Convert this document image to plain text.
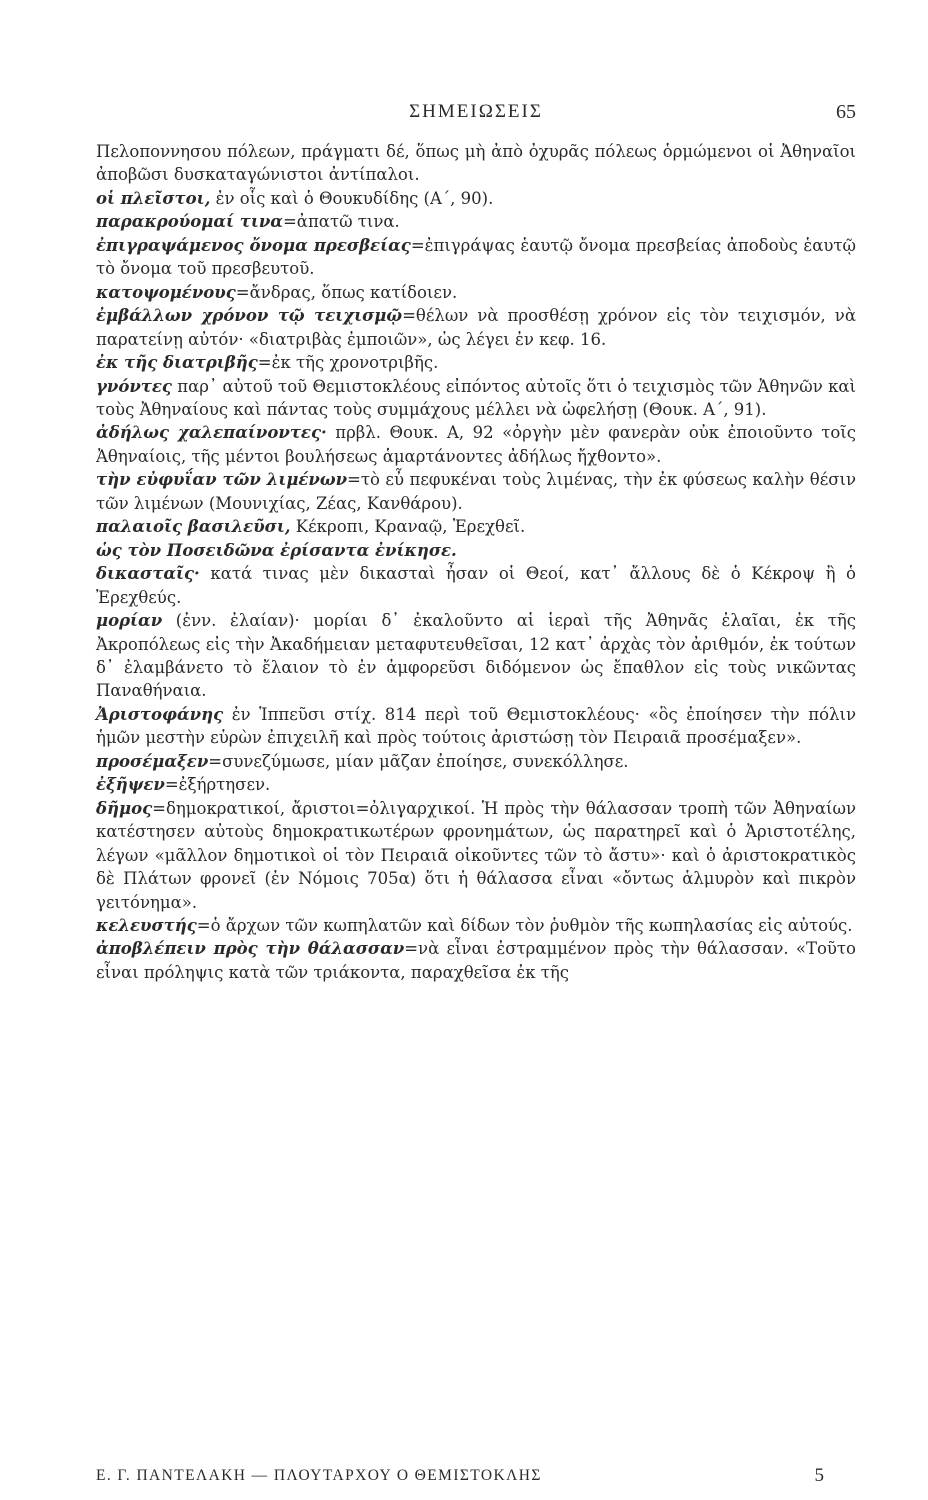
ΣΗΜΕΙΩΣΕΙΣ	65

Πελοποννησου πόλεων, πράγματι δέ, ὅπως μὴ ἀπὸ ὀχυρᾶς πόλεως ὁρμώμενοι οἱ Ἀθηναῖοι ἀποβῶσι δυσκαταγώνιστοι ἀντίπαλοι.

οἱ πλεῖστοι, ἐν οἷς καὶ ὁ Θουκυδίδης (Α´, 90).

παρακρούομαί τινα=ἀπατῶ τινα.

ἐπιγραψάμενος ὄνομα πρεσβείας=ἐπιγράψας ἑαυτῷ ὄνομα πρεσβείας ἀποδοὺς ἑαυτῷ τὸ ὄνομα τοῦ πρεσβευτοῦ.

κατοψομένους=ἄνδρας, ὅπως κατίδοιεν.

ἐμβάλλων χρόνον τῷ τειχισμῷ=θέλων νὰ προσθέσῃ χρόνον εἰς τὸν τειχισμόν, νὰ παρατείνῃ αὐτόν· «διατριβὰς ἐμποιῶν», ὡς λέγει ἐν κεφ. 16.

ἐκ τῆς διατριβῆς=ἐκ τῆς χρονοτριβῆς.

γνόντες παρ᾽ αὐτοῦ τοῦ Θεμιστοκλέους εἰπόντος αὐτοῖς ὅτι ὁ τειχισμὸς τῶν Ἀθηνῶν καὶ τοὺς Ἀθηναίους καὶ πάντας τοὺς συμμάχους μέλλει νὰ ὠφελήσῃ (Θουκ. Α´, 91).

ἀδήλως χαλεπαίνοντες· πρβλ. Θουκ. Α, 92 «ὀργὴν μὲν φανερὰν οὐκ ἐποιοῦντο τοῖς Ἀθηναίοις, τῆς μέντοι βουλήσεως ἁμαρτάνοντες ἀδήλως ἤχθοντο».

τὴν εὐφυΐαν τῶν λιμένων=τὸ εὖ πεφυκέναι τοὺς λιμένας, τὴν ἐκ φύσεως καλὴν θέσιν τῶν λιμένων (Μουνιχίας, Ζέας, Κανθάρου).

παλαιοῖς βασιλεῦσι, Κέκροπι, Κραναῷ, Ἐρεχθεῖ.

ὡς τὸν Ποσειδῶνα ἐρίσαντα ἐνίκησε.

δικασταῖς· κατά τινας μὲν δικασταὶ ἦσαν οἱ Θεοί, κατ᾽ ἄλλους δὲ ὁ Κέκροψ ἢ ὁ Ἐρεχθεύς.

μορίαν (ἐνν. ἐλαίαν)· μορίαι δ᾽ ἐκαλοῦντο αἱ ἱεραὶ τῆς Ἀθηνᾶς ἐλαῖαι, ἐκ τῆς Ἀκροπόλεως εἰς τὴν Ἀκαδήμειαν μεταφυτευθεῖσαι, 12 κατ᾽ ἀρχὰς τὸν ἀριθμόν, ἐκ τούτων δ᾽ ἐλαμβάνετο τὸ ἔλαιον τὸ ἐν ἀμφορεῦσι διδόμενον ὡς ἔπαθλον εἰς τοὺς νικῶντας Παναθήναια.

Ἀριστοφάνης ἐν Ἱππεῦσι στίχ. 814 περὶ τοῦ Θεμιστοκλέους· «ὃς ἐποίησεν τὴν πόλιν ἡμῶν μεστὴν εὑρὼν ἐπιχειλῆ καὶ πρὸς τούτοις ἀριστώσῃ τὸν Πειραιᾶ προσέμαξεν».

προσέμαξεν=συνεζύμωσε, μίαν μᾶζαν ἐποίησε, συνεκόλλησε.

ἐξῆψεν=ἐξήρτησεν.

δῆμος=δημοκρατικοί, ἄριστοι=ὀλιγαρχικοί. Ἡ πρὸς τὴν θάλασσαν τροπὴ τῶν Ἀθηναίων κατέστησεν αὐτοὺς δημοκρατικωτέρων φρονημάτων, ὡς παρατηρεῖ καὶ ὁ Ἀριστοτέλης, λέγων «μᾶλλον δημοτικοὶ οἱ τὸν Πειραιᾶ οἰκοῦντες τῶν τὸ ἄστυ»· καὶ ὁ ἀριστοκρατικὸς δὲ Πλάτων φρονεῖ (ἐν Νόμοις 705α) ὅτι ἡ θάλασσα εἶναι «ὄντως ἁλμυρὸν καὶ πικρὸν γειτόνημα».

κελευστής=ὁ ἄρχων τῶν κωπηλατῶν καὶ δίδων τὸν ῥυθμὸν τῆς κωπηλασίας εἰς αὐτούς.

ἀποβλέπειν πρὸς τὴν θάλασσαν=νὰ εἶναι ἐστραμμένον πρὸς τὴν θάλασσαν. «Τοῦτο εἶναι πρόληψις κατὰ τῶν τριάκοντα, παραχθεῖσα ἐκ τῆς

Ε. Γ. ΠΑΝΤΕΛΑΚΗ — ΠΛΟΥΤΑΡΧΟΥ Ο ΘΕΜΙΣΤΟΚΛΗΣ	5
